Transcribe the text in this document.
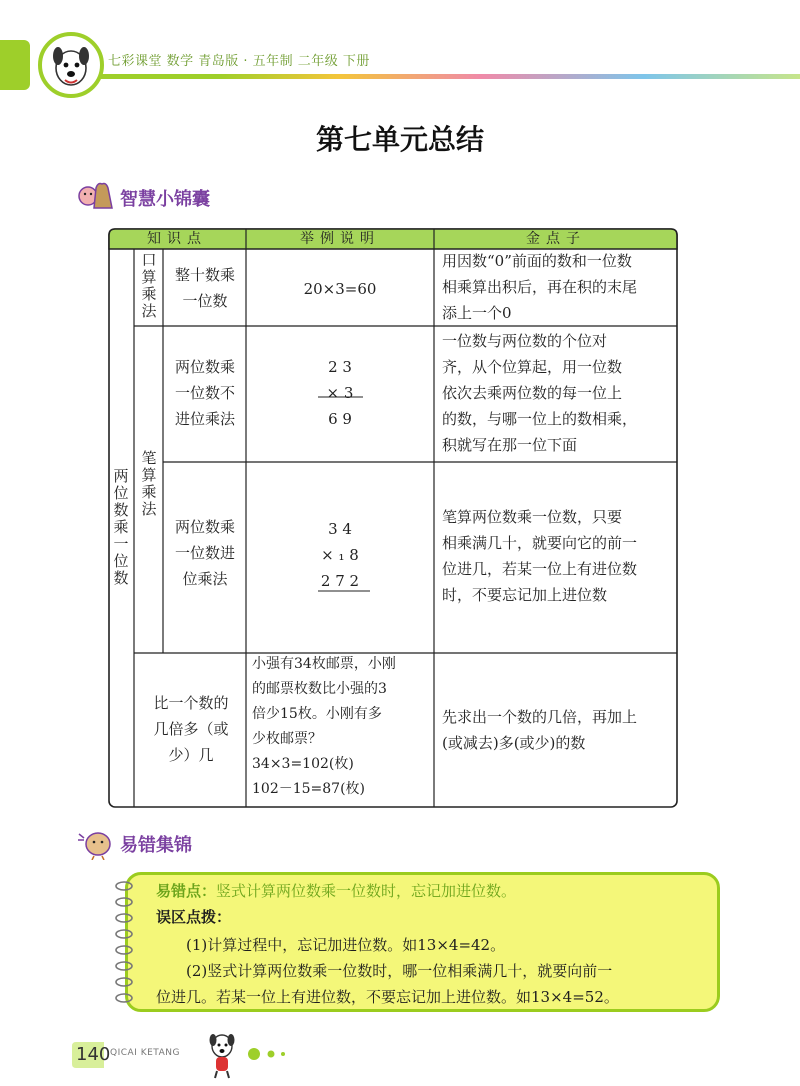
七彩课堂 数学 青岛版 · 五年制 二年级 下册
第七单元总结
智慧小锦囊
知识点	举例说明	金点子
两位数乘一位数
口算乘法
笔算乘法
整十数乘一位数
20×3=60
用因数“0”前面的数和一位数
相乘算出积后，再在积的末尾
添上一个0
两位数乘
一位数不
进位乘法
2 3
× 3
6 9
一位数与两位数的个位对
齐，从个位算起，用一位数
依次去乘两位数的每一位上
的数，与哪一位上的数相乘，
积就写在那一位下面
两位数乘
一位数进
位乘法
3 4
× ₁ 8
2 7 2
笔算两位数乘一位数，只要
相乘满几十，就要向它的前一
位进几，若某一位上有进位数
时，不要忘记加上进位数
比一个数的
几倍多（或
少）几
小强有34枚邮票，小刚
的邮票枚数比小强的3
倍少15枚。小刚有多
少枚邮票？
34×3=102(枚)
102－15=87(枚)
先求出一个数的几倍，再加上
(或减去)多(或少)的数
易错集锦
易错点：竖式计算两位数乘一位数时，忘记加进位数。
误区点拨：
(1)计算过程中，忘记加进位数。如13×4=42。
(2)竖式计算两位数乘一位数时，哪一位相乘满几十，就要向前一
位进几。若某一位上有进位数，不要忘记加上进位数。如13×4=52。
140 QICAI KETANG
